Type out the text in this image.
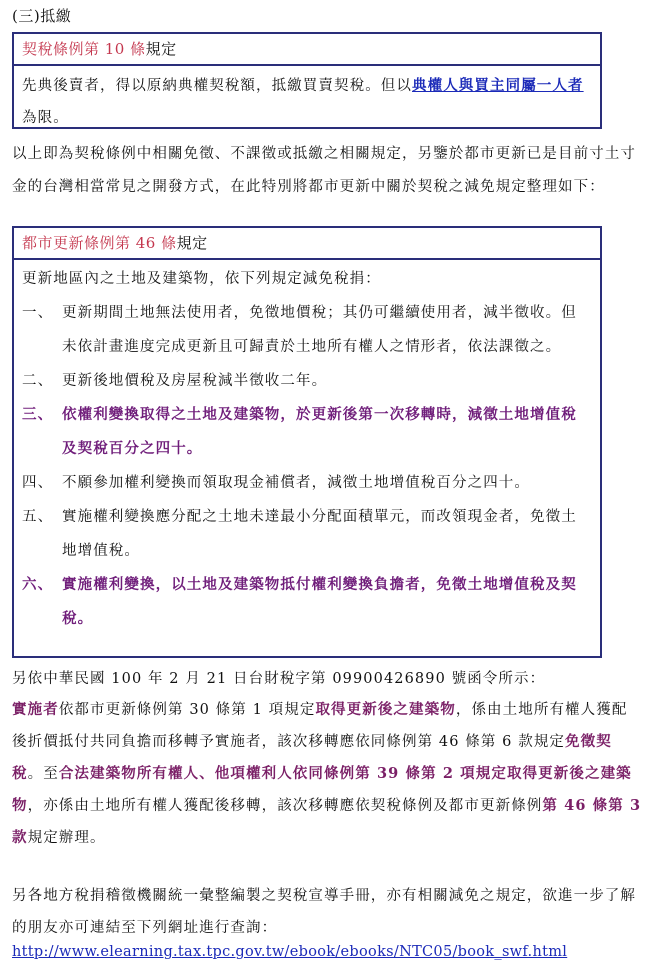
(三)抵繳
契稅條例第 10 條規定
先典後賣者，得以原納典權契稅額，抵繳買賣契稅。但以典權人與買主同屬一人者為限。
以上即為契稅條例中相關免徵、不課徵或抵繳之相關規定，另鑒於都市更新已是目前寸土寸金的台灣相當常見之開發方式，在此特別將都市更新中關於契稅之減免規定整理如下：
都市更新條例第 46 條規定
更新地區內之土地及建築物，依下列規定減免稅捐：
一、 更新期間土地無法使用者，免徵地價稅；其仍可繼續使用者，減半徵收。但未依計畫進度完成更新且可歸責於土地所有權人之情形者，依法課徵之。
二、 更新後地價稅及房屋稅減半徵收二年。
三、 依權利變換取得之土地及建築物，於更新後第一次移轉時，減徵土地增值稅及契稅百分之四十。
四、 不願參加權利變換而領取現金補償者，減徵土地增值稅百分之四十。
五、 實施權利變換應分配之土地未達最小分配面積單元，而改領現金者，免徵土地增值稅。
六、 實施權利變換，以土地及建築物抵付權利變換負擔者，免徵土地增值稅及契稅。
另依中華民國 100 年 2 月 21 日台財稅字第 09900426890 號函令所示：
實施者依都市更新條例第 30 條第 1 項規定取得更新後之建築物，係由土地所有權人獲配後折價抵付共同負擔而移轉予實施者，該次移轉應依同條例第 46 條第 6 款規定免徵契稅。至合法建築物所有權人、他項權利人依同條例第 39 條第 2 項規定取得更新後之建築物，亦係由土地所有權人獲配後移轉，該次移轉應依契稅條例及都市更新條例第 46 條第 3 款規定辦理。
另各地方稅捐稽徵機關統一彙整編製之契稅宣導手冊，亦有相關減免之規定，欲進一步了解的朋友亦可連結至下列網址進行查詢：
http://www.elearning.tax.tpc.gov.tw/ebook/ebooks/NTC05/book_swf.html
